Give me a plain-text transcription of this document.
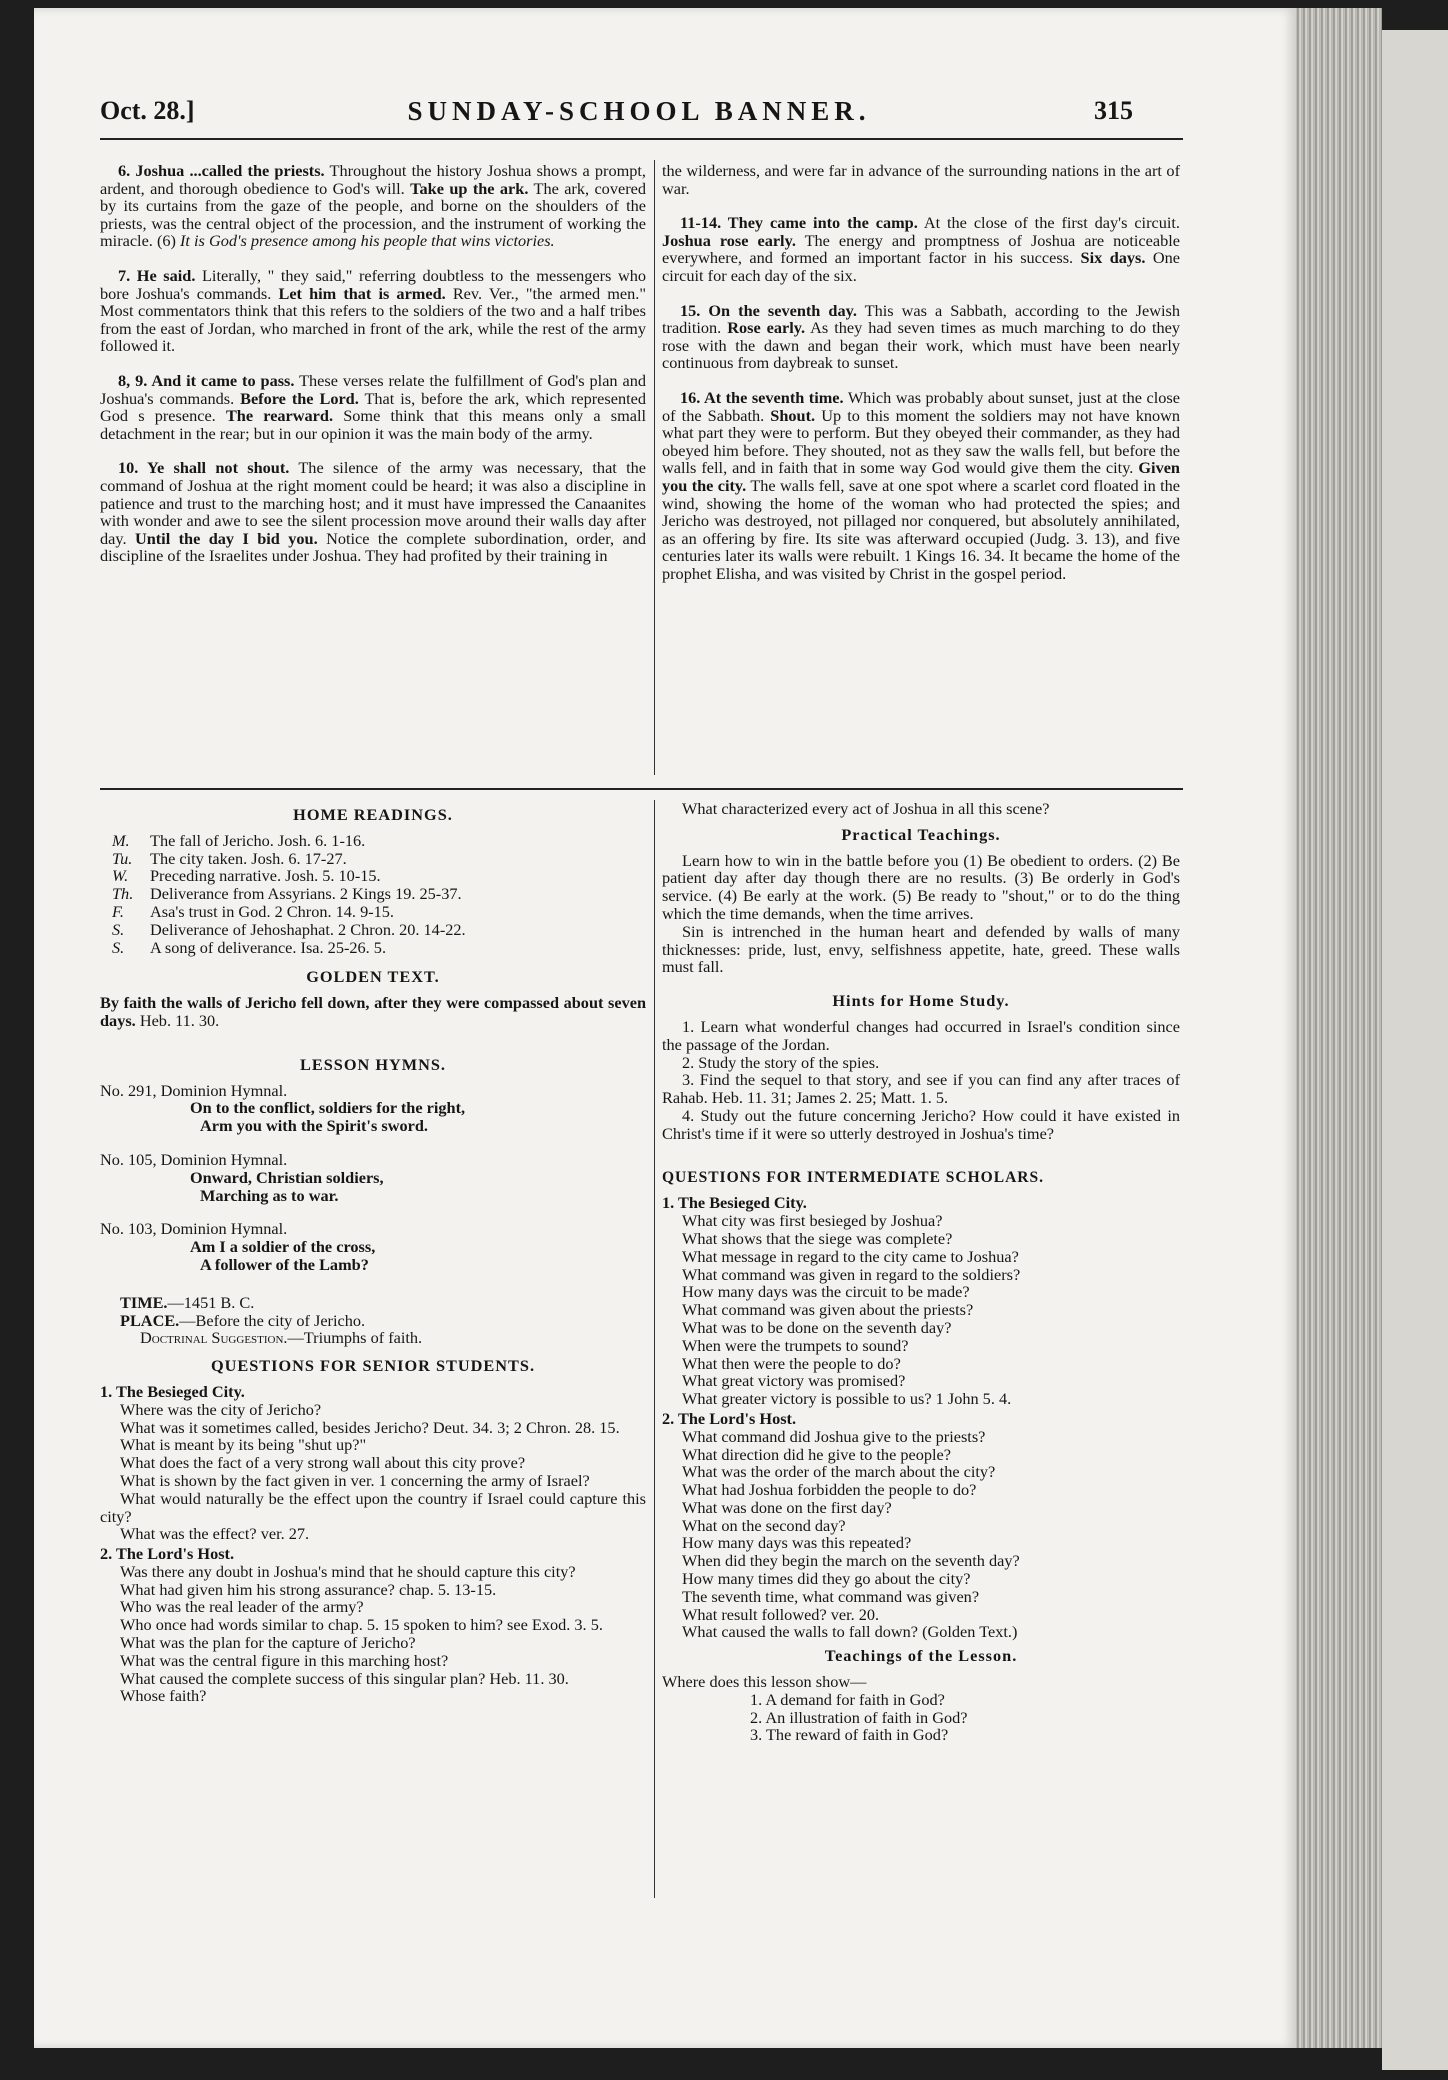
Oct. 28.]	SUNDAY-SCHOOL BANNER.	315

6. Joshua ...called the priests. Throughout the history Joshua shows a prompt, ardent, and thorough obedience to God's will. Take up the ark. The ark, covered by its curtains from the gaze of the people, and borne on the shoulders of the priests, was the central object of the procession, and the instrument of working the miracle. (6) It is God's presence among his people that wins victories.

7. He said. Literally, " they said," referring doubtless to the messengers who bore Joshua's commands. Let him that is armed. Rev. Ver., "the armed men." Most commentators think that this refers to the soldiers of the two and a half tribes from the east of Jordan, who marched in front of the ark, while the rest of the army followed it.

8, 9. And it came to pass. These verses relate the fulfillment of God's plan and Joshua's commands. Before the Lord. That is, before the ark, which represented God s presence. The rearward. Some think that this means only a small detachment in the rear; but in our opinion it was the main body of the army.

10. Ye shall not shout. The silence of the army was necessary, that the command of Joshua at the right moment could be heard; it was also a discipline in patience and trust to the marching host; and it must have impressed the Canaanites with wonder and awe to see the silent procession move around their walls day after day. Until the day I bid you. Notice the complete subordination, order, and discipline of the Israelites under Joshua. They had profited by their training in

the wilderness, and were far in advance of the surrounding nations in the art of war.

11-14. They came into the camp. At the close of the first day's circuit. Joshua rose early. The energy and promptness of Joshua are noticeable everywhere, and formed an important factor in his success. Six days. One circuit for each day of the six.

15. On the seventh day. This was a Sabbath, according to the Jewish tradition. Rose early. As they had seven times as much marching to do they rose with the dawn and began their work, which must have been nearly continuous from daybreak to sunset.

16. At the seventh time. Which was probably about sunset, just at the close of the Sabbath. Shout. Up to this moment the soldiers may not have known what part they were to perform. But they obeyed their commander, as they had obeyed him before. They shouted, not as they saw the walls fell, but before the walls fell, and in faith that in some way God would give them the city. Given you the city. The walls fell, save at one spot where a scarlet cord floated in the wind, showing the home of the woman who had protected the spies; and Jericho was destroyed, not pillaged nor conquered, but absolutely annihilated, as an offering by fire. Its site was afterward occupied (Judg. 3. 13), and five centuries later its walls were rebuilt. 1 Kings 16. 34. It became the home of the prophet Elisha, and was visited by Christ in the gospel period.

HOME READINGS.
M.	The fall of Jericho. Josh. 6. 1-16.
Tu.	The city taken. Josh. 6. 17-27.
W.	Preceding narrative. Josh. 5. 10-15.
Th.	Deliverance from Assyrians. 2 Kings 19. 25-37.
F.	Asa's trust in God. 2 Chron. 14. 9-15.
S.	Deliverance of Jehoshaphat. 2 Chron. 20. 14-22.
S.	A song of deliverance. Isa. 25-26. 5.
GOLDEN TEXT.
By faith the walls of Jericho fell down, after they were compassed about seven days. Heb. 11. 30.
LESSON HYMNS.
No. 291, Dominion Hymnal.
On to the conflict, soldiers for the right,
Arm you with the Spirit's sword.
No. 105, Dominion Hymnal.
Onward, Christian soldiers,
Marching as to war.
No. 103, Dominion Hymnal.
Am I a soldier of the cross,
A follower of the Lamb?
TIME.—1451 B. C.
PLACE.—Before the city of Jericho.
Doctrinal Suggestion.—Triumphs of faith.
QUESTIONS FOR SENIOR STUDENTS.
1. The Besieged City.
Where was the city of Jericho?
What was it sometimes called, besides Jericho? Deut. 34. 3; 2 Chron. 28. 15.
What is meant by its being "shut up?"
What does the fact of a very strong wall about this city prove?
What is shown by the fact given in ver. 1 concerning the army of Israel?
What would naturally be the effect upon the country if Israel could capture this city?
What was the effect? ver. 27.
2. The Lord's Host.
Was there any doubt in Joshua's mind that he should capture this city?
What had given him his strong assurance? chap. 5. 13-15.
Who was the real leader of the army?
Who once had words similar to chap. 5. 15 spoken to him? see Exod. 3. 5.
What was the plan for the capture of Jericho?
What was the central figure in this marching host?
What caused the complete success of this singular plan? Heb. 11. 30.
Whose faith?
What characterized every act of Joshua in all this scene?
Practical Teachings.
Learn how to win in the battle before you (1) Be obedient to orders. (2) Be patient day after day though there are no results. (3) Be orderly in God's service. (4) Be early at the work. (5) Be ready to "shout," or to do the thing which the time demands, when the time arrives.
Sin is intrenched in the human heart and defended by walls of many thicknesses: pride, lust, envy, selfishness appetite, hate, greed. These walls must fall.
Hints for Home Study.
1. Learn what wonderful changes had occurred in Israel's condition since the passage of the Jordan.
2. Study the story of the spies.
3. Find the sequel to that story, and see if you can find any after traces of Rahab. Heb. 11. 31; James 2. 25; Matt. 1. 5.
4. Study out the future concerning Jericho? How could it have existed in Christ's time if it were so utterly destroyed in Joshua's time?
QUESTIONS FOR INTERMEDIATE SCHOLARS.
1. The Besieged City.
What city was first besieged by Joshua?
What shows that the siege was complete?
What message in regard to the city came to Joshua?
What command was given in regard to the soldiers?
How many days was the circuit to be made?
What command was given about the priests?
What was to be done on the seventh day?
When were the trumpets to sound?
What then were the people to do?
What great victory was promised?
What greater victory is possible to us? 1 John 5. 4.
2. The Lord's Host.
What command did Joshua give to the priests?
What direction did he give to the people?
What was the order of the march about the city?
What had Joshua forbidden the people to do?
What was done on the first day?
What on the second day?
How many days was this repeated?
When did they begin the march on the seventh day?
How many times did they go about the city?
The seventh time, what command was given?
What result followed? ver. 20.
What caused the walls to fall down? (Golden Text.)
Teachings of the Lesson.
Where does this lesson show—
1. A demand for faith in God?
2. An illustration of faith in God?
3. The reward of faith in God?
